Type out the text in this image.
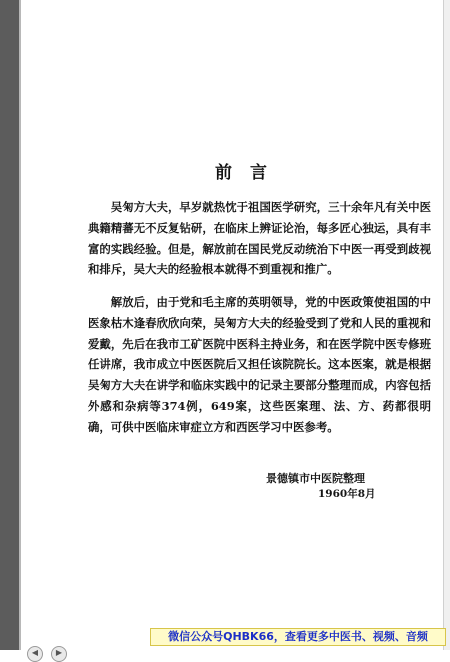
前言

吴匊方大夫，早岁就热忱于祖国医学研究，三十余年凡有关中医典籍精蕃无不反复钻研，在临床上辨证论治，每多匠心独运，具有丰富的实践经验。但是，解放前在国民党反动统治下中医一再受到歧视和排斥，吴大夫的经验根本就得不到重视和推广。

解放后，由于党和毛主席的英明领导，党的中医政策使祖国的中医象枯木逢春欣欣向荣，吴匊方大夫的经验受到了党和人民的重视和爱戴，先后在我市工矿医院中医科主持业务，和在医学院中医专修班任讲席，我市成立中医医院后又担任该院院长。这本医案，就是根据吴匊方大夫在讲学和临床实践中的记录主要部分整理而成，内容包括外感和杂病等374例，649案，这些医案理、法、方、药都很明确，可供中医临床审症立方和西医学习中医参考。

景德镇市中医院整理
1960年8月
◀	▶
微信公众号QHBK66，查看更多中医书、视频、音频
